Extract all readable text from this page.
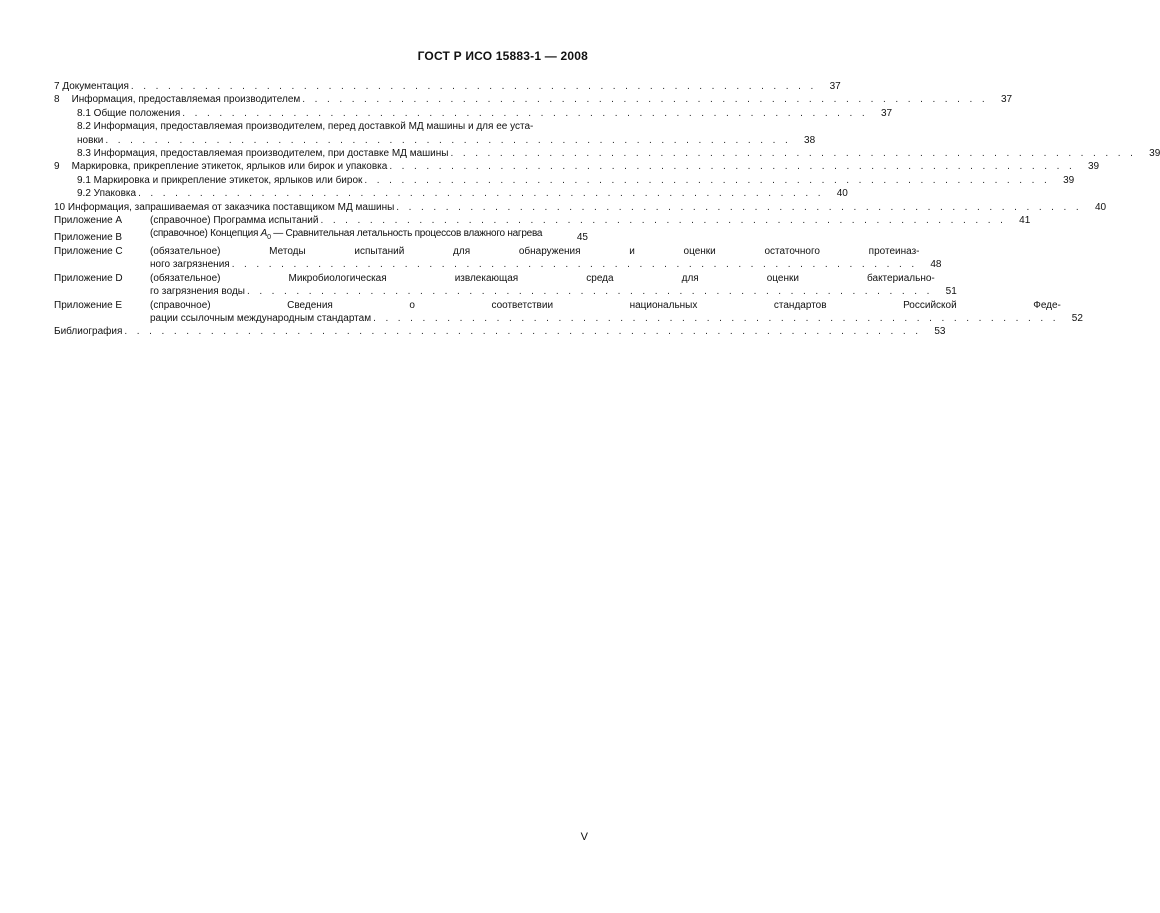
ГОСТ Р ИСО 15883-1 — 2008
7 Документация . . . . . . . . . . . . . . . . . . . . . . . . . . . . . . . . . . . . . . . . . . . . . . . . . . . . . . . .	37
8 Информация, предоставляемая производителем . . . . . . . . . . . . . . . . . . . . . . . . . . . . . . . . . . . . . . . . . . . . . . . . . . . . . . . .	37
8.1 Общие положения . . . . . . . . . . . . . . . . . . . . . . . . . . . . . . . . . . . . . . . . . . . . . . . . . . . . . . . .	37
8.2 Информация, предоставляемая производителем, перед доставкой МД машины и для ее уста-
новки . . . . . . . . . . . . . . . . . . . . . . . . . . . . . . . . . . . . . . . . . . . . . . . . . . . . . . . .	38
8.3 Информация, предоставляемая производителем, при доставке МД машины . . . . . . . . . . . . . . . . . . . . . . . . . . . . . . . . . . . . . . . . . . . . . . . . . . . . . . . .	39
9 Маркировка, прикрепление этикеток, ярлыков или бирок и упаковка . . . . . . . . . . . . . . . . . . . . . . . . . . . . . . . . . . . . . . . . . . . . . . . . . . . . . . . .	39
9.1 Маркировка и прикрепление этикеток, ярлыков или бирок . . . . . . . . . . . . . . . . . . . . . . . . . . . . . . . . . . . . . . . . . . . . . . . . . . . . . . . .	39
9.2 Упаковка . . . . . . . . . . . . . . . . . . . . . . . . . . . . . . . . . . . . . . . . . . . . . . . . . . . . . . . .	40
10 Информация, запрашиваемая от заказчика поставщиком МД машины . . . . . . . . . . . . . . . . . . . . . . . . . . . . . . . . . . . . . . . . . . . . . . . . . . . . . . . .	40
Приложение А	(справочное) Программа испытаний . . . . . . . . . . . . . . . . . . . . . . . . . . . . . . . . . . . . . . . . . . . . . . . . . . . . . . . .	41
Приложение В	(справочное) Концепция $A_0$ — Сравнительная летальность процессов влажного нагрева	45
Приложение С	(обязательное) Методы испытаний для обнаружения и оценки остаточного протеиназ-
ного загрязнения . . . . . . . . . . . . . . . . . . . . . . . . . . . . . . . . . . . . . . . . . . . . . . . . . . . . . . . .	48
Приложение D	(обязательное) Микробиологическая извлекающая среда для оценки бактериально-
го загрязнения воды . . . . . . . . . . . . . . . . . . . . . . . . . . . . . . . . . . . . . . . . . . . . . . . . . . . . . . . .	51
Приложение Е	(справочное) Сведения о соответствии национальных стандартов Российской Феде-
рации ссылочным международным стандартам . . . . . . . . . . . . . . . . . . . . . . . . . . . . . . . . . . . . . . . . . . . . . . . . . . . . . . . .	52
Библиография . . . . . . . . . . . . . . . . . . . . . . . . . . . . . . . . . . . . . . . . . . . . . . . . . . . . . . . . . . . . . . . . .	53
V
